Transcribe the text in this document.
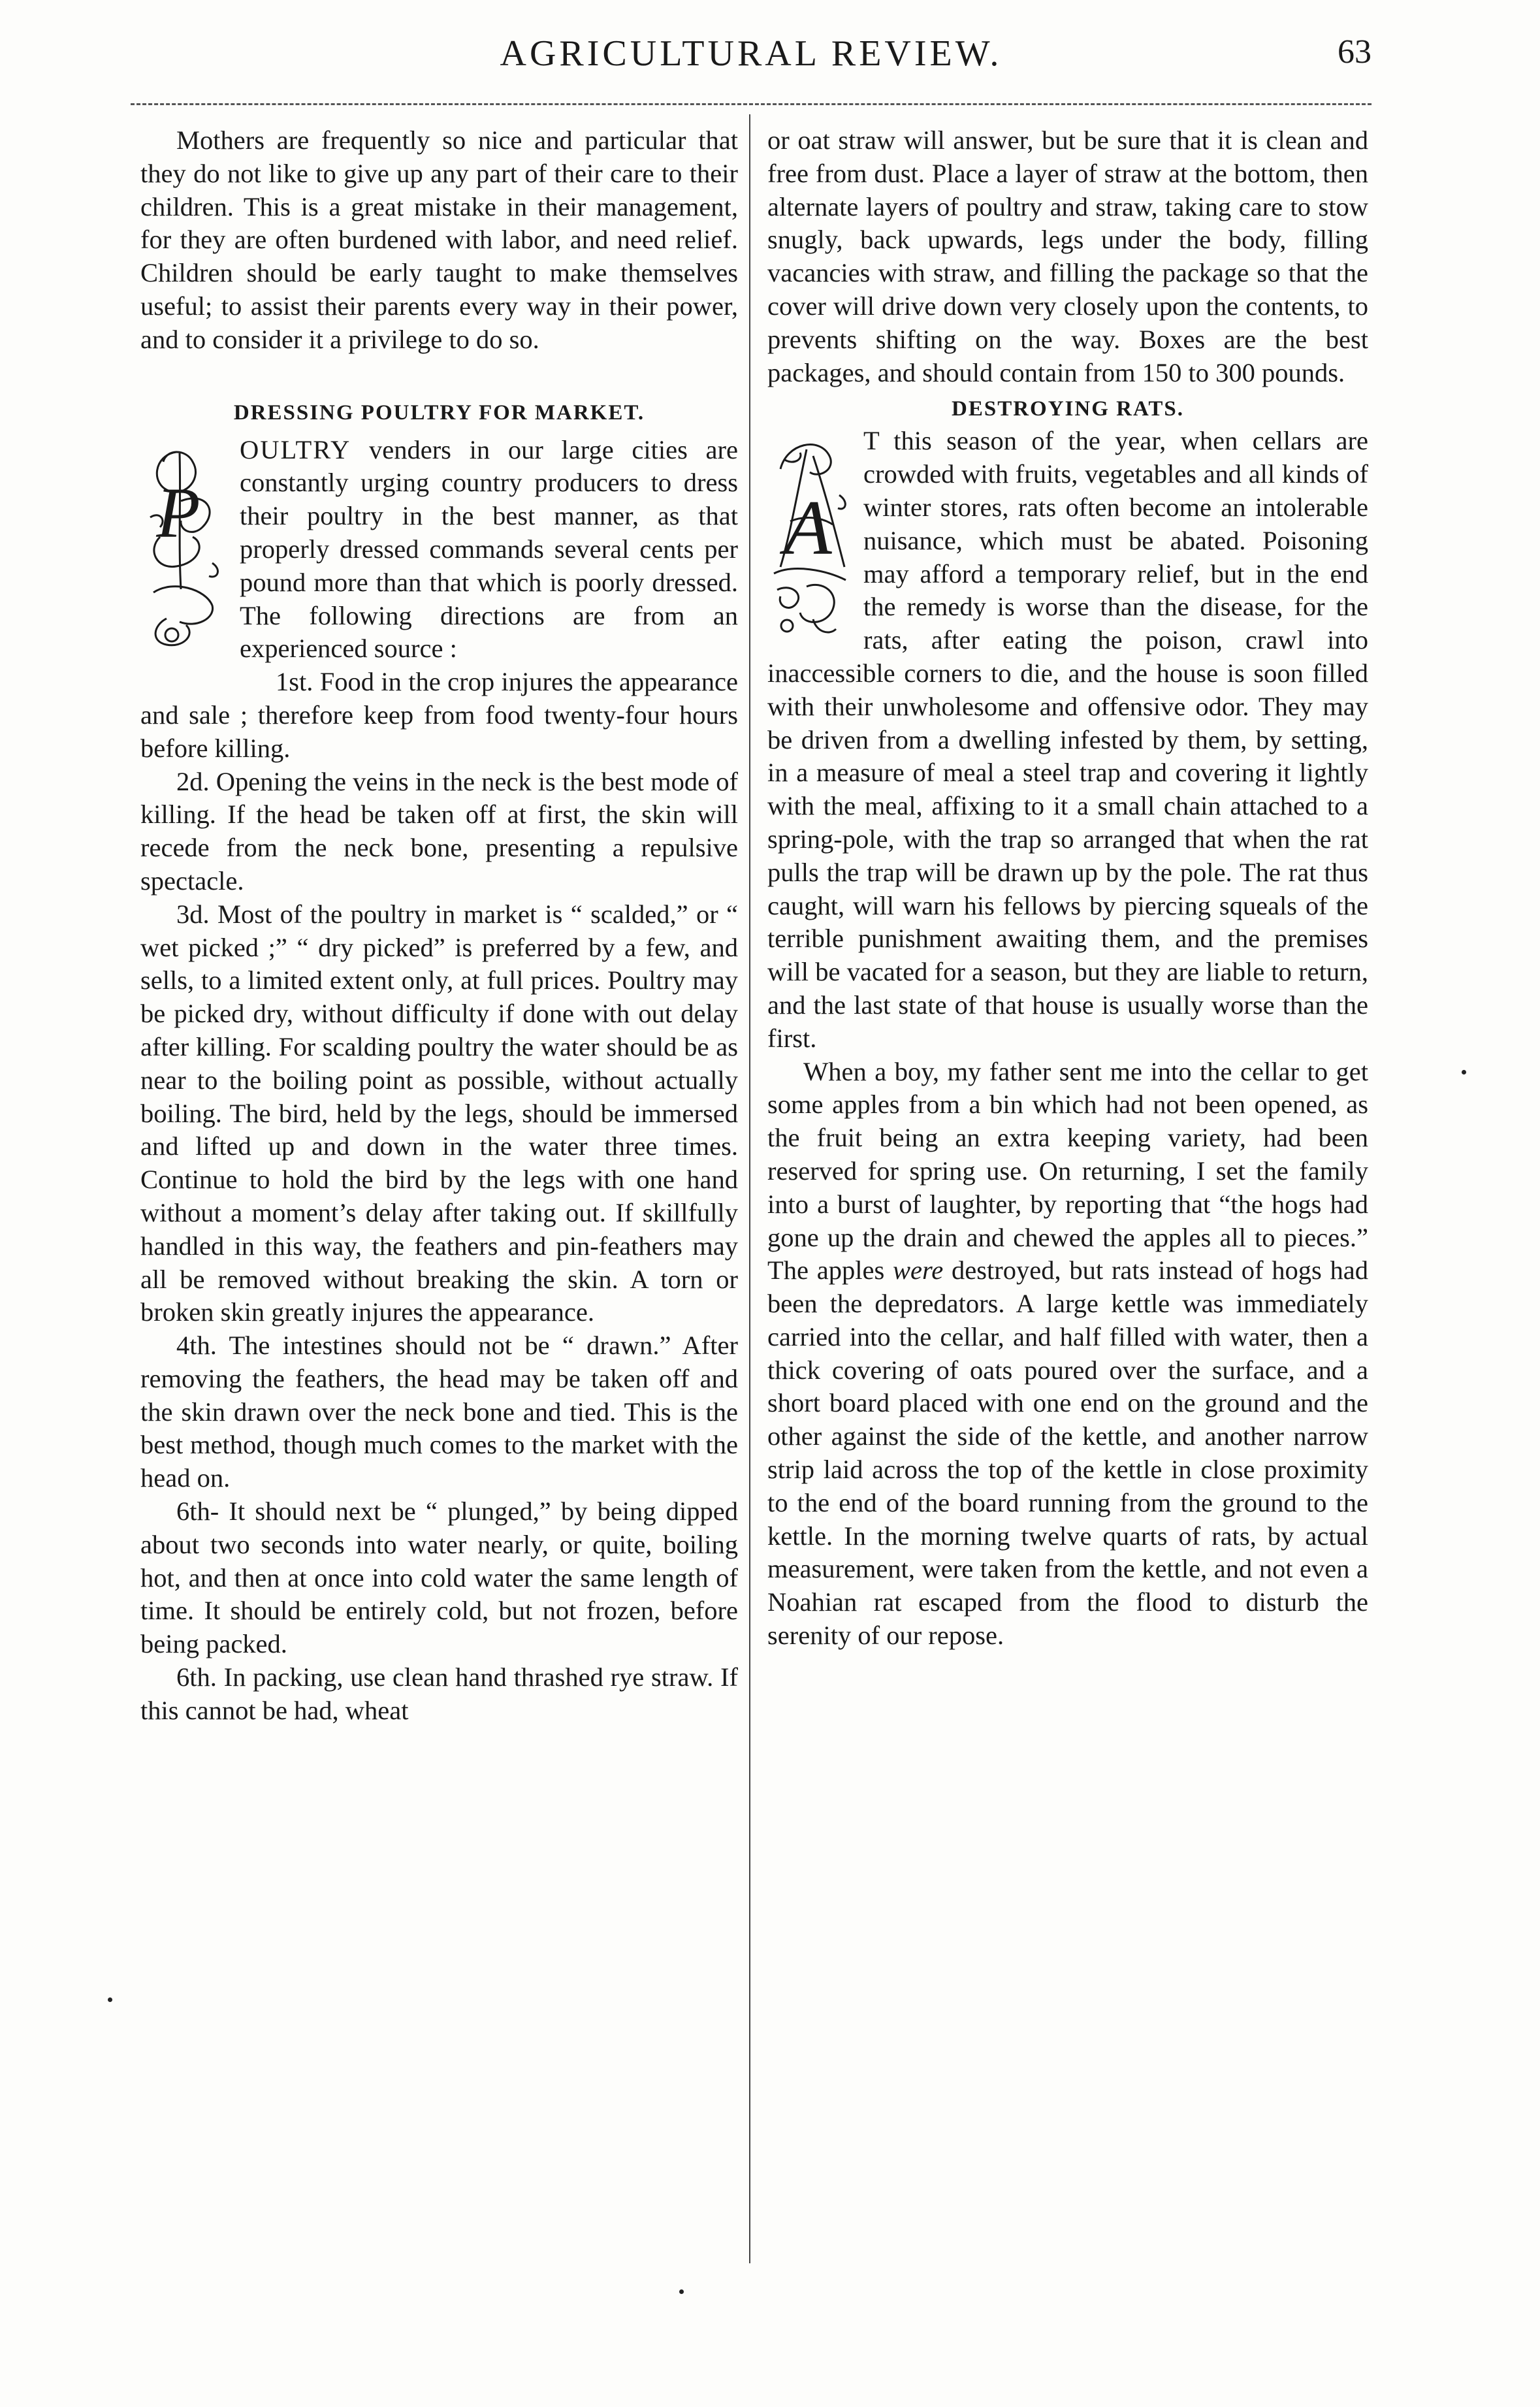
AGRICULTURAL REVIEW.	63

Mothers are frequently so nice and particular that they do not like to give up any part of their care to their children. This is a great mistake in their management, for they are often burdened with labor, and need relief. Children should be early taught to make themselves useful; to assist their parents every way in their power, and to consider it a privilege to do so.

DRESSING POULTRY FOR MARKET.

P
OULTRY venders in our large cities are constantly urging country producers to dress their poultry in the best manner, as that properly dressed commands several cents per pound more than that which is poorly dressed. The following directions are from an experienced source :

1st. Food in the crop injures the appearance and sale ; therefore keep from food twenty-four hours before killing.

2d. Opening the veins in the neck is the best mode of killing. If the head be taken off at first, the skin will recede from the neck bone, presenting a repulsive spectacle.

3d. Most of the poultry in market is “ scalded,” or “ wet picked ;” “ dry picked” is preferred by a few, and sells, to a limited extent only, at full prices. Poultry may be picked dry, without difficulty if done with out delay after killing. For scalding poultry the water should be as near to the boiling point as possible, without actually boiling. The bird, held by the legs, should be immersed and lifted up and down in the water three times. Continue to hold the bird by the legs with one hand without a moment’s delay after taking out. If skillfully handled in this way, the feathers and pin-feathers may all be removed without breaking the skin. A torn or broken skin greatly injures the appearance.

4th. The intestines should not be “ drawn.” After removing the feathers, the head may be taken off and the skin drawn over the neck bone and tied. This is the best method, though much comes to the market with the head on.

6th- It should next be “ plunged,” by being dipped about two seconds into water nearly, or quite, boiling hot, and then at once into cold water the same length of time. It should be entirely cold, but not frozen, before being packed.

6th. In packing, use clean hand thrashed rye straw. If this cannot be had, wheat

or oat straw will answer, but be sure that it is clean and free from dust. Place a layer of straw at the bottom, then alternate layers of poultry and straw, taking care to stow snugly, back upwards, legs under the body, filling vacancies with straw, and filling the package so that the cover will drive down very closely upon the contents, to prevents shifting on the way. Boxes are the best packages, and should contain from 150 to 300 pounds.

DESTROYING RATS.

A
T this season of the year, when cellars are crowded with fruits, vegetables and all kinds of winter stores, rats often become an intolerable nuisance, which must be abated. Poisoning may afford a temporary relief, but in the end the remedy is worse than the disease, for the rats, after eating the poison, crawl into inaccessible corners to die, and the house is soon filled with their unwholesome and offensive odor. They may be driven from a dwelling infested by them, by setting, in a measure of meal a steel trap and covering it lightly with the meal, affixing to it a small chain attached to a spring-pole, with the trap so arranged that when the rat pulls the trap will be drawn up by the pole. The rat thus caught, will warn his fellows by piercing squeals of the terrible punishment awaiting them, and the premises will be vacated for a season, but they are liable to return, and the last state of that house is usually worse than the first.

When a boy, my father sent me into the cellar to get some apples from a bin which had not been opened, as the fruit being an extra keeping variety, had been reserved for spring use. On returning, I set the family into a burst of laughter, by reporting that “the hogs had gone up the drain and chewed the apples all to pieces.” The apples were destroyed, but rats instead of hogs had been the depredators. A large kettle was immediately carried into the cellar, and half filled with water, then a thick covering of oats poured over the surface, and a short board placed with one end on the ground and the other against the side of the kettle, and another narrow strip laid across the top of the kettle in close proximity to the end of the board running from the ground to the kettle. In the morning twelve quarts of rats, by actual measurement, were taken from the kettle, and not even a Noahian rat escaped from the flood to disturb the serenity of our repose.
